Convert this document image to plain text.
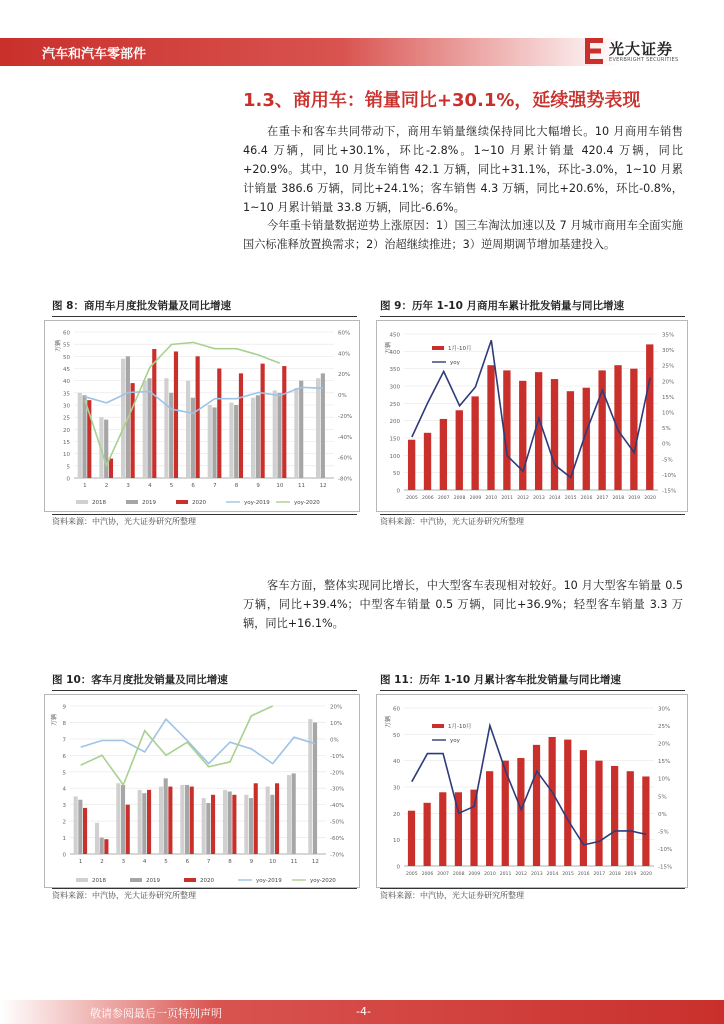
汽车和汽车零部件	光大证券
EVERBRIGHT SECURITIES
1.3、商用车：销量同比+30.1%，延续强势表现

在重卡和客车共同带动下，商用车销量继续保持同比大幅增长。10 月商用车销售 46.4 万辆，同比+30.1%，环比-2.8%。1~10 月累计销量 420.4 万辆，同比+20.9%。其中，10 月货车销售 42.1 万辆，同比+31.1%，环比-3.0%，1~10 月累计销量 386.6 万辆，同比+24.1%；客车销售 4.3 万辆，同比+20.6%，环比-0.8%，1~10 月累计销量 33.8 万辆，同比-6.6%。

今年重卡销量数据逆势上涨原因：1）国三车淘汰加速以及 7 月城市商用车全面实施国六标准释放置换需求；2）治超继续推进；3）逆周期调节增加基建投入。

图 8：商用车月度批发销量及同比增速
0
5
10
15
20
25
30
35
40
45
50
55
60	60%
40%
20%
0%
-20%
-40%
-60%
-80%
万辆
1	2	3	4	5	6	7	8	9	10	11	12
2018	2019	2020	yoy-2019	yoy-2020
资料来源：中汽协，光大证券研究所整理
图 9：历年 1-10 月商用车累计批发销量与同比增速
0
50
100
150
200
250
300
350
400
450	35%
30%
25%
20%
15%
10%
5%
0%
-5%
-10%
-15%
万辆
2005 2006 2007 2008 2009 2010 2011 2012 2013 2014 2015 2016 2017 2018 2019 2020
1月-10月
yoy
资料来源：中汽协，光大证券研究所整理

客车方面，整体实现同比增长，中大型客车表现相对较好。10 月大型客车销量 0.5 万辆，同比+39.4%；中型客车销量 0.5 万辆，同比+36.9%；轻型客车销量 3.3 万辆，同比+16.1%。

图 10：客车月度批发销量及同比增速
0
1
2
3
4
5
6
7
8
9	20%
10%
0%
-10%
-20%
-30%
-40%
-50%
-60%
-70%
万辆
1	2	3	4	5	6	7	8	9	10	11	12
2018	2019	2020	yoy-2019	yoy-2020
资料来源：中汽协，光大证券研究所整理
图 11：历年 1-10 月累计客车批发销量与同比增速
0
10
20
30
40
50
60	30%
25%
20%
15%
10%
5%
0%
-5%
-10%
-15%
万辆
2005 2006 2007 2008 2009 2010 2011 2012 2013 2014 2015 2016 2017 2018 2019 2020
1月-10月
yoy
资料来源：中汽协，光大证券研究所整理
敬请参阅最后一页特别声明	-4-
